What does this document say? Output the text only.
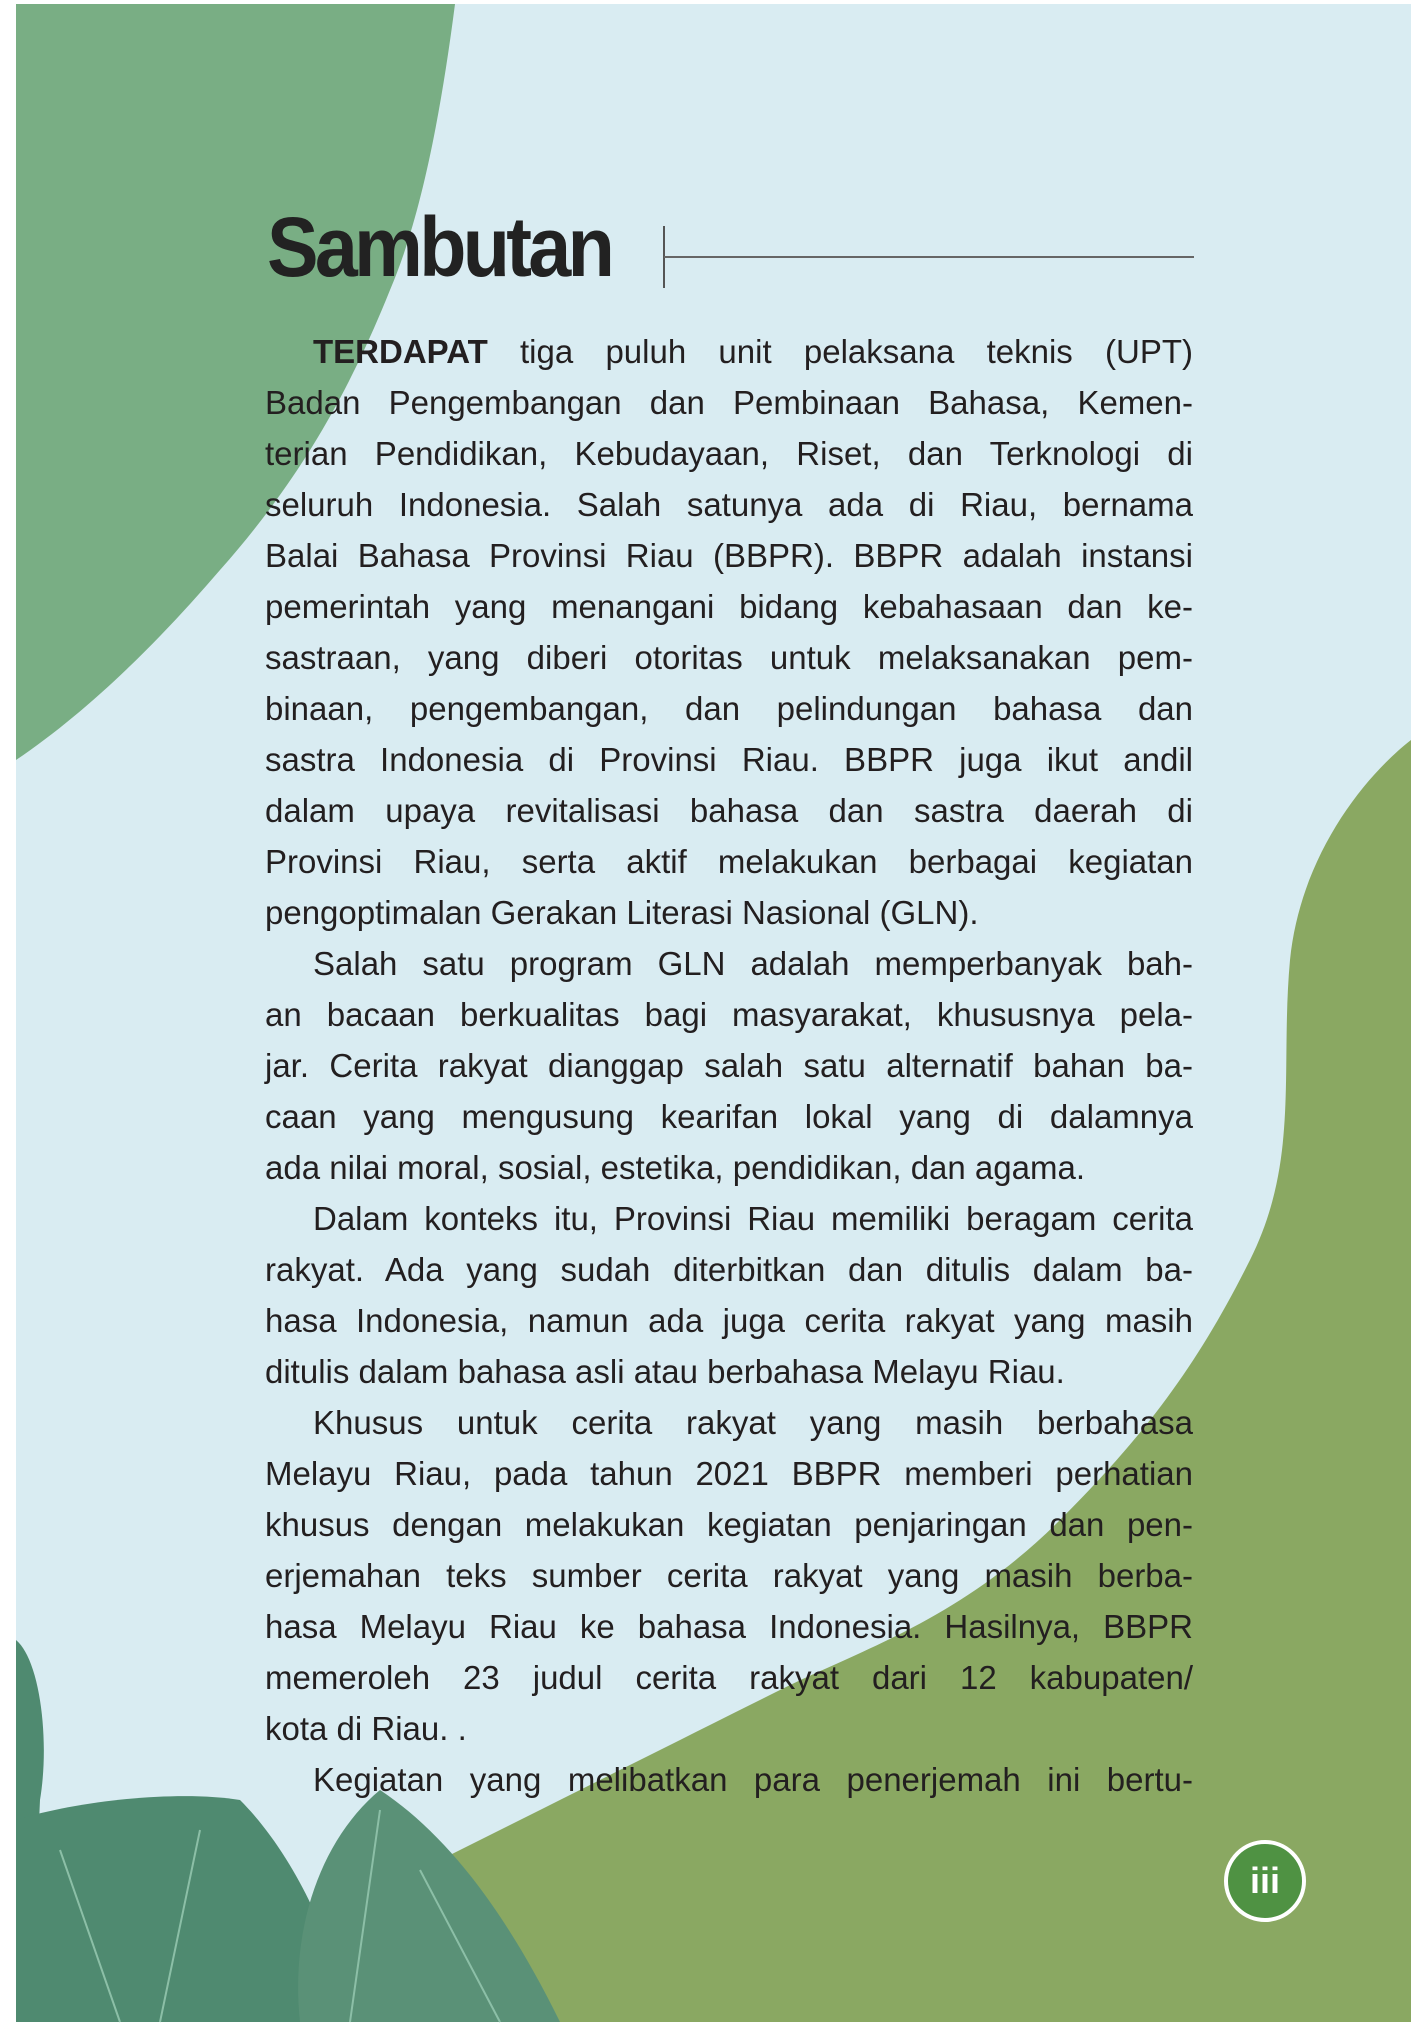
Sambutan
TERDAPAT tiga puluh unit pelaksana teknis (UPT)
Badan Pengembangan dan Pembinaan Bahasa, Kemen-
terian Pendidikan, Kebudayaan, Riset, dan Terknologi di
seluruh Indonesia. Salah satunya ada di Riau, bernama
Balai Bahasa Provinsi Riau (BBPR). BBPR adalah instansi
pemerintah yang menangani bidang kebahasaan dan ke-
sastraan, yang diberi otoritas untuk melaksanakan pem-
binaan, pengembangan, dan pelindungan bahasa dan
sastra Indonesia di Provinsi Riau. BBPR juga ikut andil
dalam upaya revitalisasi bahasa dan sastra daerah di
Provinsi Riau, serta aktif melakukan berbagai kegiatan
pengoptimalan Gerakan Literasi Nasional (GLN).
Salah satu program GLN adalah memperbanyak bah-
an bacaan berkualitas bagi masyarakat, khususnya pela-
jar. Cerita rakyat dianggap salah satu alternatif bahan ba-
caan yang mengusung kearifan lokal yang di dalamnya
ada nilai moral, sosial, estetika, pendidikan, dan agama.
Dalam konteks itu, Provinsi Riau memiliki beragam cerita
rakyat. Ada yang sudah diterbitkan dan ditulis dalam ba-
hasa Indonesia, namun ada juga cerita rakyat yang masih
ditulis dalam bahasa asli atau berbahasa Melayu Riau.
Khusus untuk cerita rakyat yang masih berbahasa
Melayu Riau, pada tahun 2021 BBPR memberi perhatian
khusus dengan melakukan kegiatan penjaringan dan pen-
erjemahan teks sumber cerita rakyat yang masih berba-
hasa Melayu Riau ke bahasa Indonesia. Hasilnya, BBPR
memeroleh 23 judul cerita rakyat dari 12 kabupaten/
kota di Riau. .
Kegiatan yang melibatkan para penerjemah ini bertu-
iii
